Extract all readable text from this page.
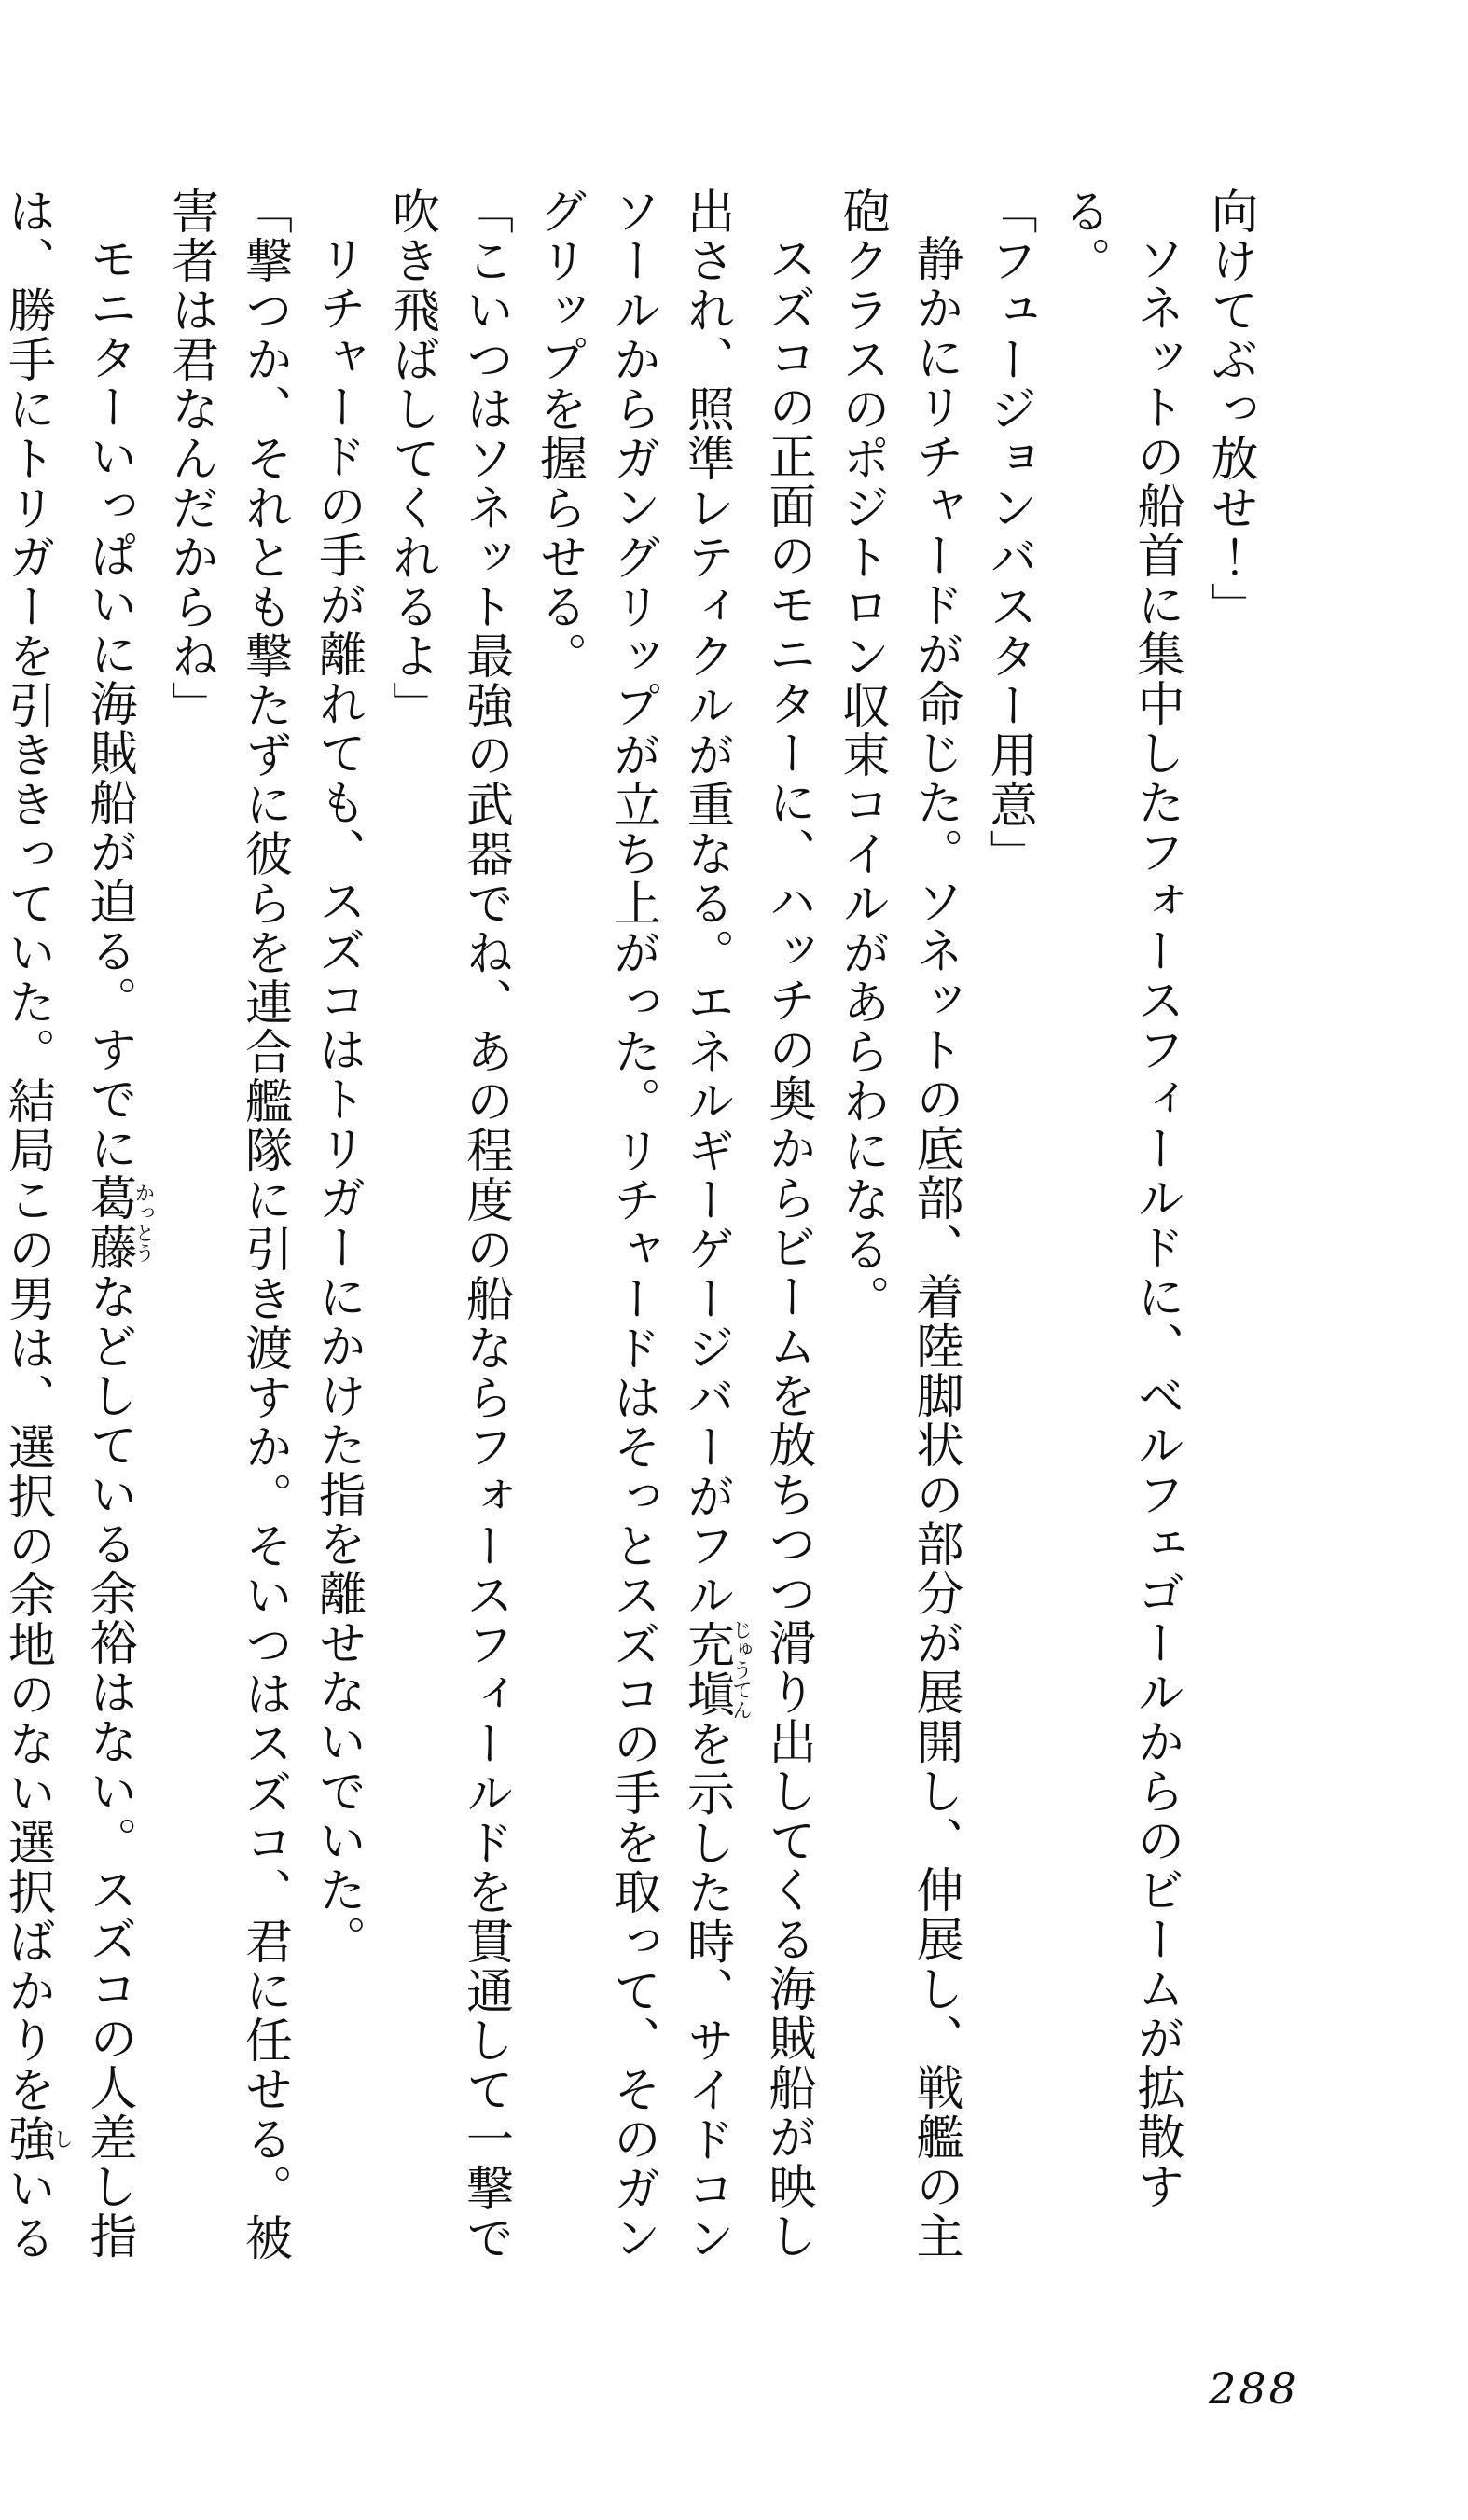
向けてぶっ放せ！」

ソネットの船首に集中したフォースフィールドに、ベルフェゴールからのビームが拡散する。

「フュージョンバスター用意」

静かにリチャードが命じた。ソネットの底部、着陸脚状の部分が展開し、伸展し、戦艦の主

砲クラスのポジトロン収束コイルがあらわになる。

スズコの正面のモニターに、ハッチの奥からビームを放ちつつ滑り出してくる海賊船が映し

出され、照準レティクルが重なる。エネルギーゲージバーがフル充塡じゅうてんを示した時、サイドコン

ソールからガングリップが立ち上がった。リチャードはそっとスズコの手を取って、そのガン

グリップを握らせる。

「こいつはソネット最強の武器でね、あの程度の船ならフォースフィールドを貫通して一撃で

吹き飛ばしてくれるよ」

リチャードの手が離れても、スズコはトリガーにかけた指を離せないでいた。

「撃つか、それとも撃たずに彼らを連合艦隊に引き渡すか。そいつはスズコ、君に任せる。被

害者は君なんだからね」

モニターいっぱいに海賊船が迫る。すでに葛藤かっとうなどしている余裕はない。スズコの人差し指

は、勝手にトリガーを引ききっていた。結局この男は、選択の余地のない選択ばかりを強しいる

288
